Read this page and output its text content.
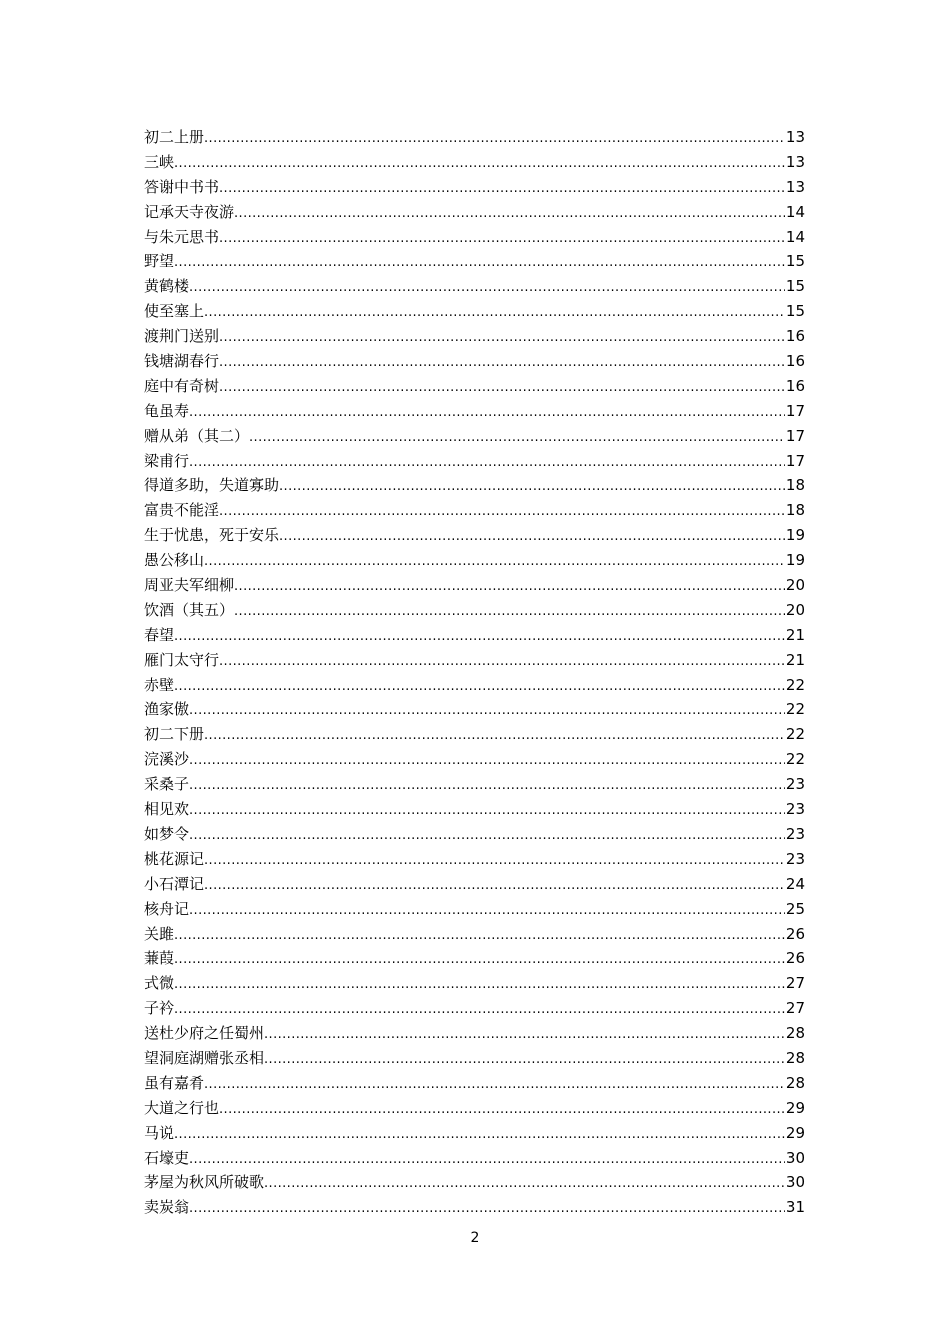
初二上册 .....	13
三峡 .....	13
答谢中书书 .....	13
记承天寺夜游 .....	14
与朱元思书 .....	14
野望 .....	15
黄鹤楼 .....	15
使至塞上 .....	15
渡荆门送别 .....	16
钱塘湖春行 .....	16
庭中有奇树 .....	16
龟虽寿 .....	17
赠从弟（其二） .....	17
梁甫行 .....	17
得道多助，失道寡助 .....	18
富贵不能淫 .....	18
生于忧患，死于安乐 .....	19
愚公移山 .....	19
周亚夫军细柳 .....	20
饮酒（其五） .....	20
春望 .....	21
雁门太守行 .....	21
赤壁 .....	22
渔家傲 .....	22
初二下册 .....	22
浣溪沙 .....	22
采桑子 .....	23
相见欢 .....	23
如梦令 .....	23
桃花源记 .....	23
小石潭记 .....	24
核舟记 .....	25
关雎 .....	26
蒹葭 .....	26
式微 .....	27
子衿 .....	27
送杜少府之任蜀州 .....	28
望洞庭湖赠张丞相 .....	28
虽有嘉肴 .....	28
大道之行也 .....	29
马说 .....	29
石壕吏 .....	30
茅屋为秋风所破歌 .....	30
卖炭翁 .....	31
2
